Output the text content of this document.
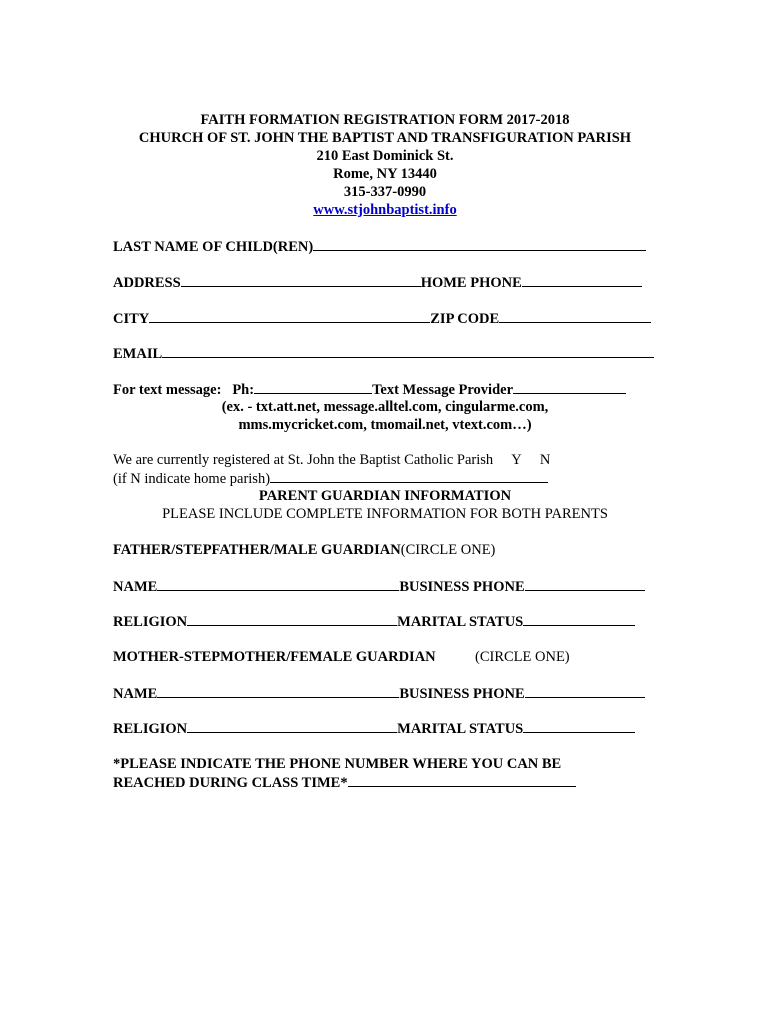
FAITH FORMATION REGISTRATION FORM 2017-2018
CHURCH OF ST. JOHN THE BAPTIST AND TRANSFIGURATION PARISH
210 East Dominick St.
Rome, NY 13440
315-337-0990
www.stjohnbaptist.info
LAST NAME OF CHILD(REN)
ADDRESS	HOME PHONE
CITY	ZIP CODE
EMAIL
For text message: Ph:	Text Message Provider
(ex. - txt.att.net, message.alltel.com, cingularme.com,
mms.mycricket.com, tmomail.net, vtext.com…)
We are currently registered at St. John the Baptist Catholic Parish Y N
(if N indicate home parish)
PARENT GUARDIAN INFORMATION
PLEASE INCLUDE COMPLETE INFORMATION FOR BOTH PARENTS
FATHER/STEPFATHER/MALE GUARDIAN(CIRCLE ONE)
NAME	BUSINESS PHONE
RELIGION	MARITAL STATUS
MOTHER-STEPMOTHER/FEMALE GUARDIAN	(CIRCLE ONE)
NAME	BUSINESS PHONE
RELIGION	MARITAL STATUS
*PLEASE INDICATE THE PHONE NUMBER WHERE YOU CAN BE
REACHED DURING CLASS TIME*
